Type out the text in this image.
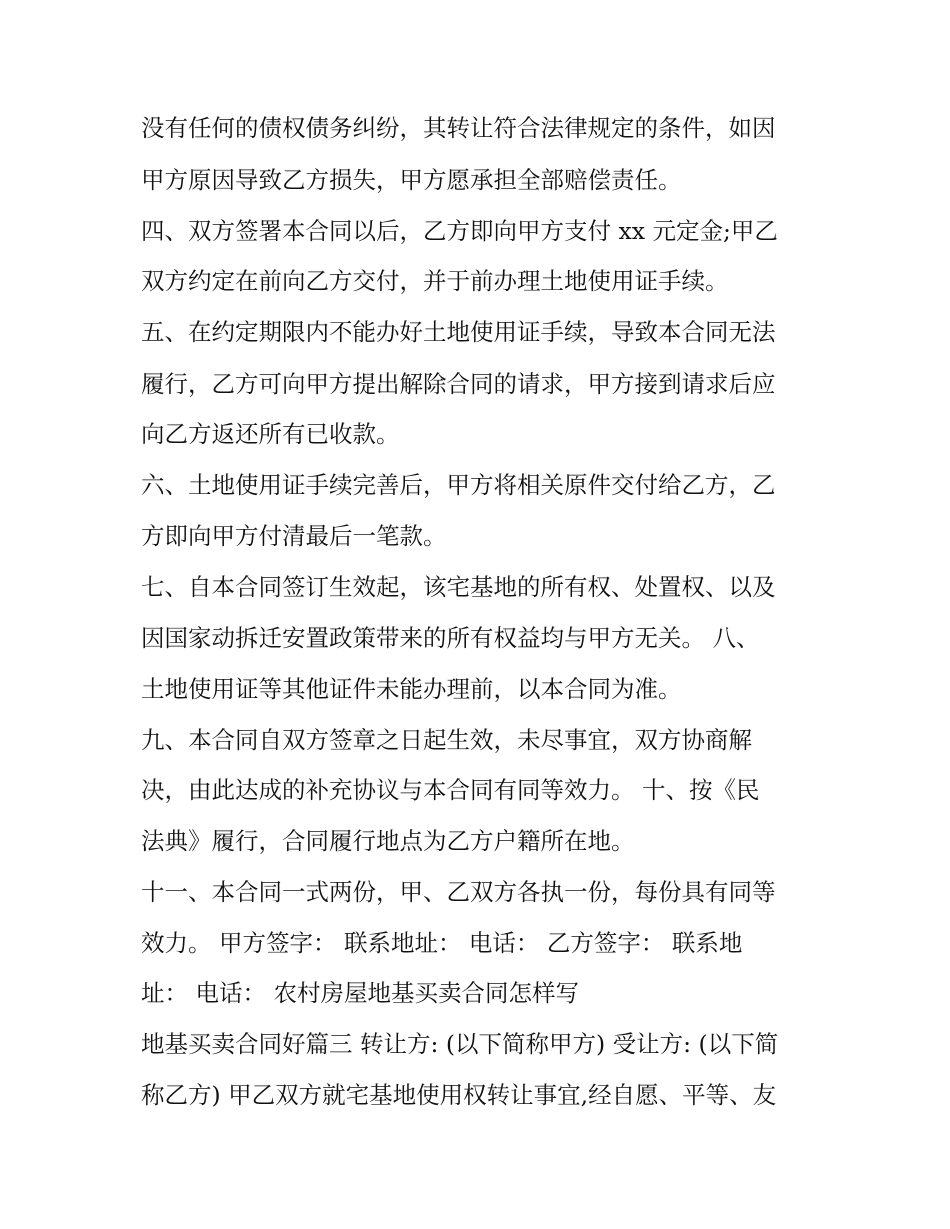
没有任何的债权债务纠纷，其转让符合法律规定的条件，如因
甲方原因导致乙方损失，甲方愿承担全部赔偿责任。
四、双方签署本合同以后，乙方即向甲方支付 xx 元定金;甲乙
双方约定在前向乙方交付，并于前办理土地使用证手续。
五、在约定期限内不能办好土地使用证手续，导致本合同无法
履行，乙方可向甲方提出解除合同的请求，甲方接到请求后应
向乙方返还所有已收款。
六、土地使用证手续完善后，甲方将相关原件交付给乙方，乙
方即向甲方付清最后一笔款。
七、自本合同签订生效起，该宅基地的所有权、处置权、以及
因国家动拆迁安置政策带来的所有权益均与甲方无关。 八、
土地使用证等其他证件未能办理前，以本合同为准。
九、本合同自双方签章之日起生效，未尽事宜，双方协商解
决，由此达成的补充协议与本合同有同等效力。 十、按《民
法典》履行，合同履行地点为乙方户籍所在地。
十一、本合同一式两份，甲、乙双方各执一份，每份具有同等
效力。 甲方签字： 联系地址： 电话： 乙方签字： 联系地
址： 电话： 农村房屋地基买卖合同怎样写
地基买卖合同好篇三 转让方: (以下简称甲方) 受让方: (以下简
称乙方) 甲乙双方就宅基地使用权转让事宜,经自愿、平等、友
